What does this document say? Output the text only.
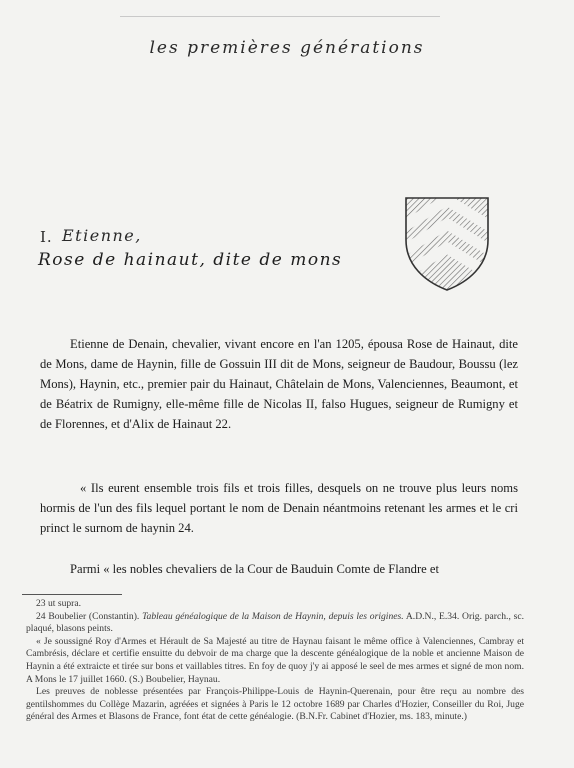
les premières générations
I. Etienne,
Rose de hainaut, dite de mons

Etienne de Denain, chevalier, vivant encore en l'an 1205, épousa Rose de Hainaut, dite de Mons, dame de Haynin, fille de Gossuin III dit de Mons, seigneur de Baudour, Boussu (lez Mons), Haynin, etc., premier pair du Hainaut, Châtelain de Mons, Valenciennes, Beaumont, et de Béatrix de Rumigny, elle-même fille de Nicolas II, falso Hugues, seigneur de Rumigny et de Florennes, et d'Alix de Hainaut 22.

« Ils eurent ensemble trois fils et trois filles, desquels on ne trouve plus leurs noms hormis de l'un des fils lequel portant le nom de Denain néantmoins retenant les armes et le cri princt le surnom de haynin 24.

Parmi « les nobles chevaliers de la Cour de Bauduin Comte de Flandre et

23 ut supra.

24 Boubelier (Constantin). Tableau généalogique de la Maison de Haynin, depuis les origines. A.D.N., E.34. Orig. parch., sc. plaqué, blasons peints.

« Je soussigné Roy d'Armes et Hérault de Sa Majesté au titre de Haynau faisant le même office à Valenciennes, Cambray et Cambrésis, déclare et certifie ensuitte du debvoir de ma charge que la descente généalogique de la noble et ancienne Maison de Haynin a été extraicte et tirée sur bons et vaillables titres. En foy de quoy j'y ai apposé le seel de mes armes et signé de mon nom. A Mons le 17 juillet 1660. (S.) Boubelier, Haynau.

Les preuves de noblesse présentées par François-Philippe-Louis de Haynin-Querenain, pour être reçu au nombre des gentilshommes du Collège Mazarin, agréées et signées à Paris le 12 octobre 1689 par Charles d'Hozier, Conseiller du Roi, Juge général des Armes et Blasons de France, font état de cette généalogie. (B.N.Fr. Cabinet d'Hozier, ms. 183, minute.)
